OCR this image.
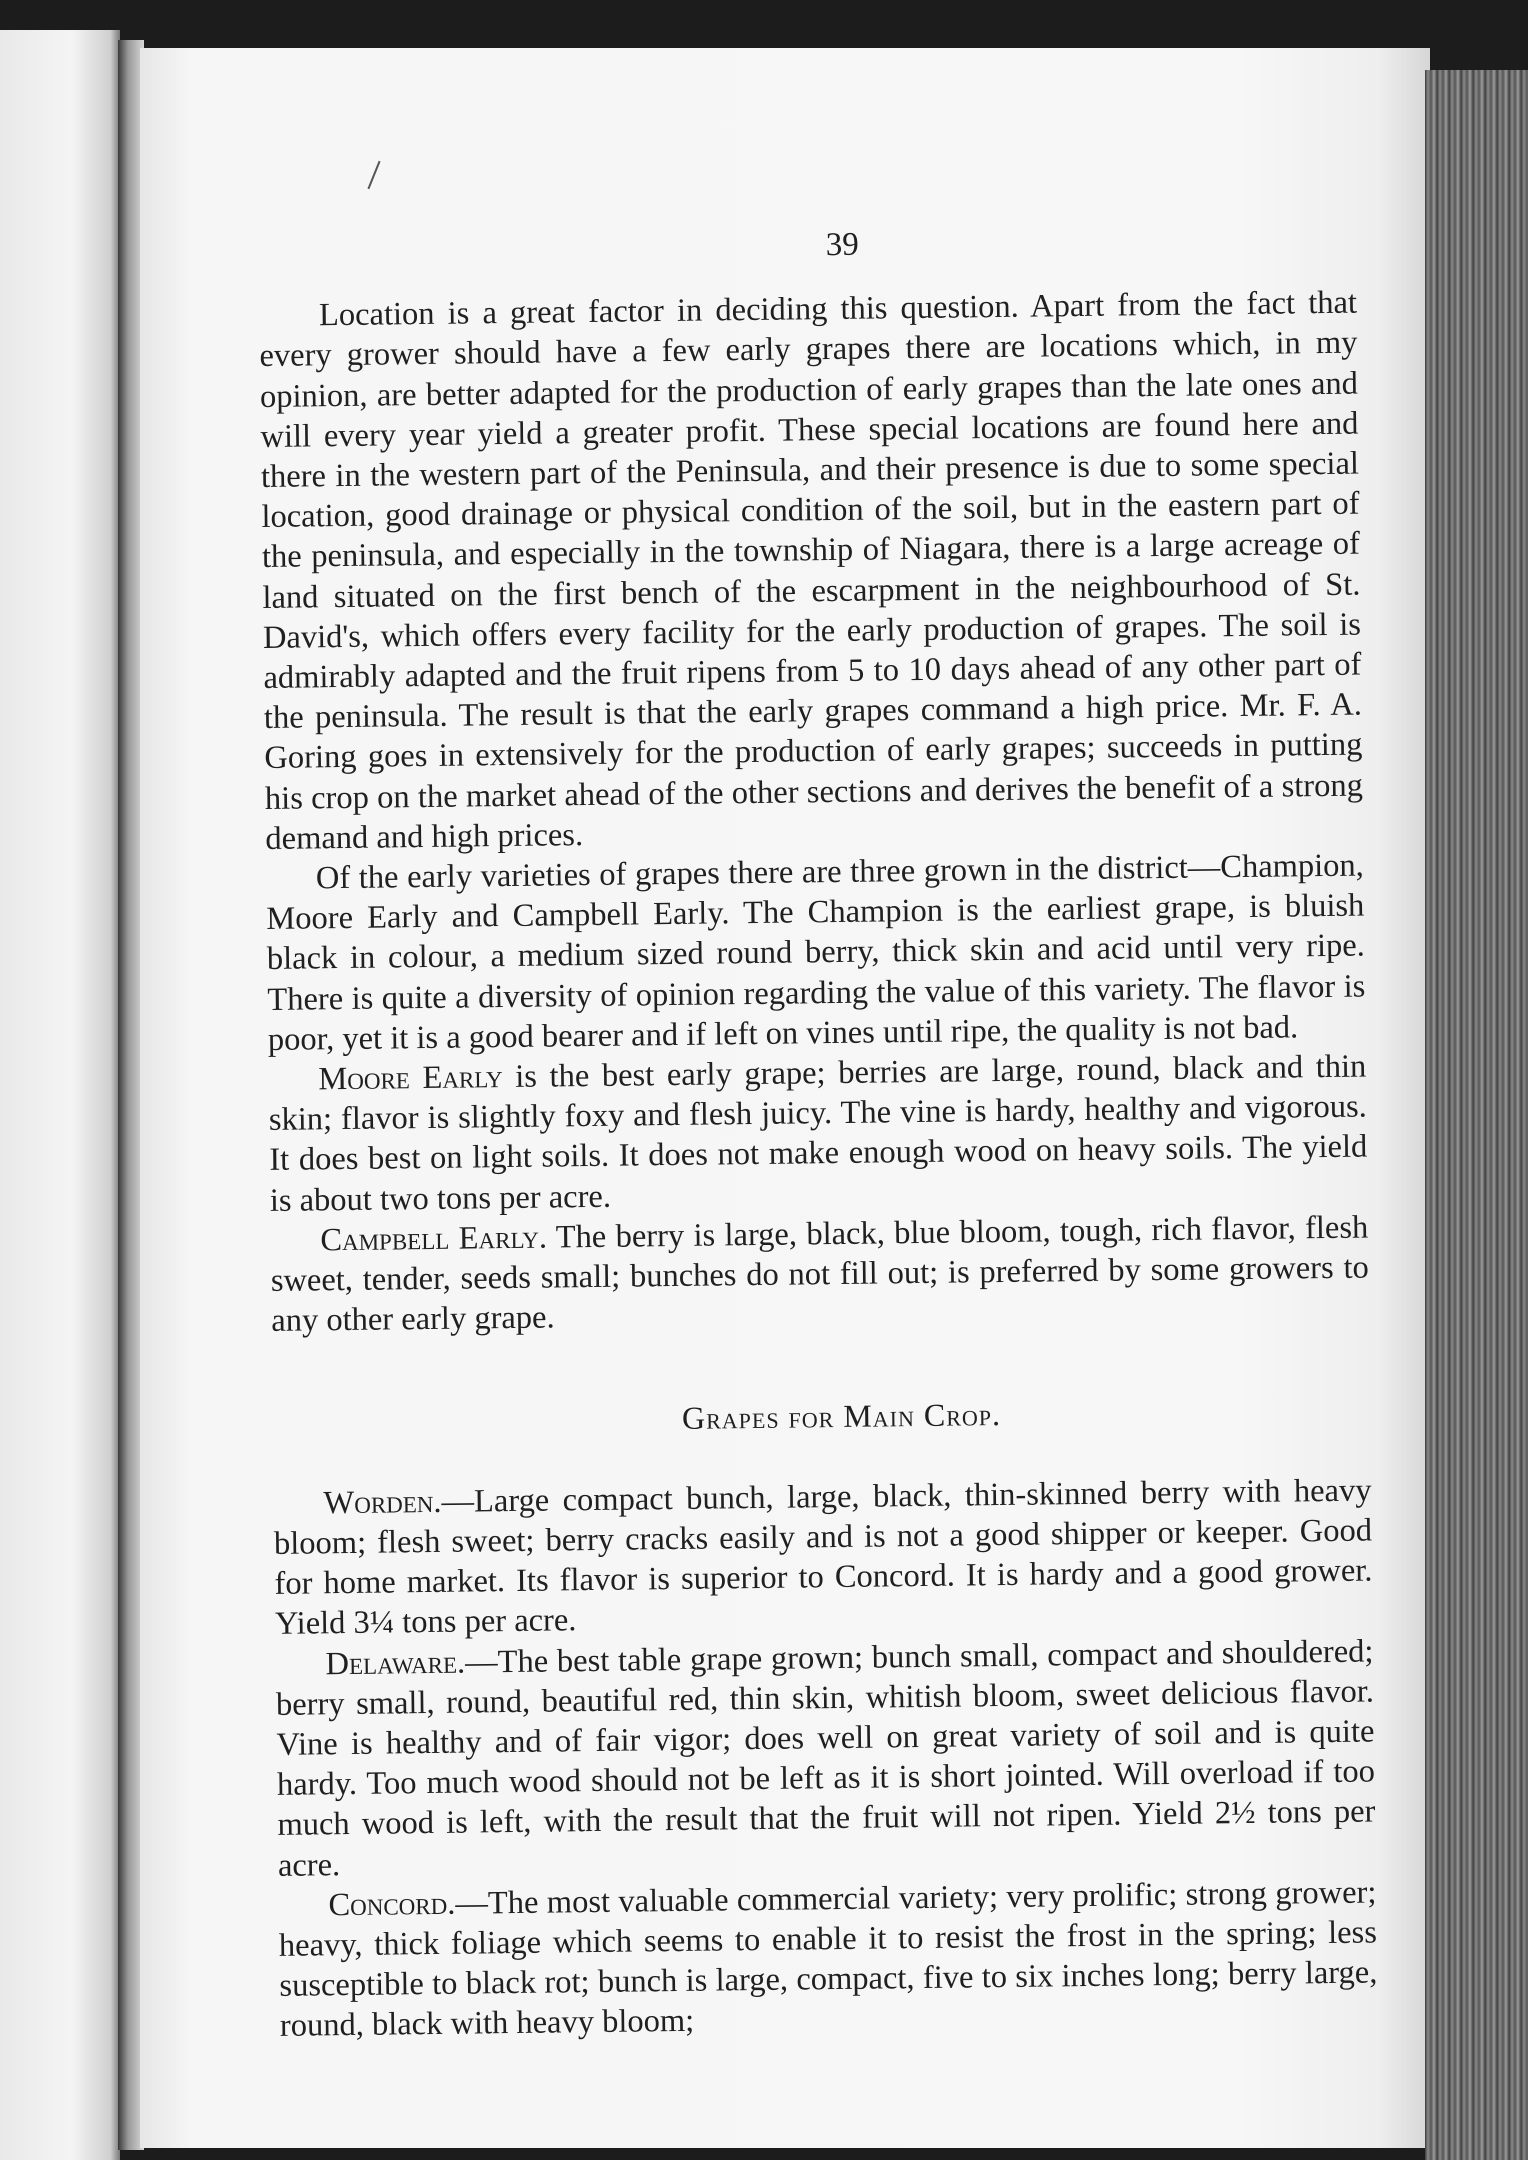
39

Location is a great factor in deciding this question. Apart from the fact that every grower should have a few early grapes there are locations which, in my opinion, are better adapted for the production of early grapes than the late ones and will every year yield a greater profit. These special locations are found here and there in the western part of the Peninsula, and their presence is due to some special location, good drainage or physical condition of the soil, but in the eastern part of the peninsula, and especially in the township of Niagara, there is a large acreage of land situated on the first bench of the escarpment in the neighbourhood of St. David's, which offers every facility for the early production of grapes. The soil is admirably adapted and the fruit ripens from 5 to 10 days ahead of any other part of the peninsula. The result is that the early grapes command a high price. Mr. F. A. Goring goes in extensively for the production of early grapes; succeeds in putting his crop on the market ahead of the other sections and derives the benefit of a strong demand and high prices.

Of the early varieties of grapes there are three grown in the district—Champion, Moore Early and Campbell Early. The Champion is the earliest grape, is bluish black in colour, a medium sized round berry, thick skin and acid until very ripe. There is quite a diversity of opinion regarding the value of this variety. The flavor is poor, yet it is a good bearer and if left on vines until ripe, the quality is not bad.

Moore Early is the best early grape; berries are large, round, black and thin skin; flavor is slightly foxy and flesh juicy. The vine is hardy, healthy and vigorous. It does best on light soils. It does not make enough wood on heavy soils. The yield is about two tons per acre.

Campbell Early. The berry is large, black, blue bloom, tough, rich flavor, flesh sweet, tender, seeds small; bunches do not fill out; is preferred by some growers to any other early grape.

Grapes for Main Crop.

Worden.—Large compact bunch, large, black, thin-skinned berry with heavy bloom; flesh sweet; berry cracks easily and is not a good shipper or keeper. Good for home market. Its flavor is superior to Concord. It is hardy and a good grower. Yield 3¼ tons per acre.

Delaware.—The best table grape grown; bunch small, compact and shouldered; berry small, round, beautiful red, thin skin, whitish bloom, sweet delicious flavor. Vine is healthy and of fair vigor; does well on great variety of soil and is quite hardy. Too much wood should not be left as it is short jointed. Will overload if too much wood is left, with the result that the fruit will not ripen. Yield 2½ tons per acre.

Concord.—The most valuable commercial variety; very prolific; strong grower; heavy, thick foliage which seems to enable it to resist the frost in the spring; less susceptible to black rot; bunch is large, compact, five to six inches long; berry large, round, black with heavy bloom;
